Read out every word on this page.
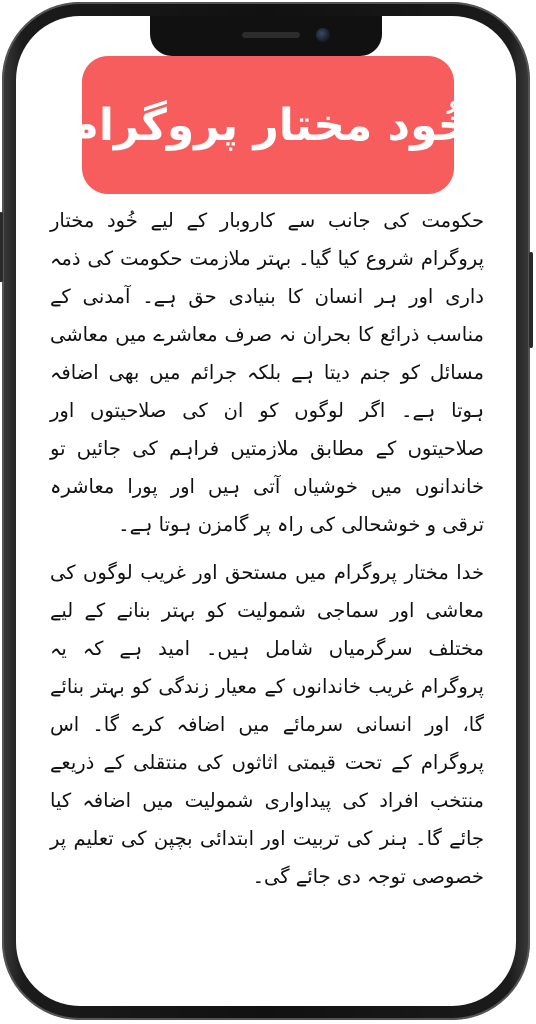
خُود مختار پروگرام

حکومت کی جانب سے کاروبار کے لیے خُود مختار پروگرام شروع کیا گیا۔ بہتر ملازمت حکومت کی ذمہ داری اور ہر انسان کا بنیادی حق ہے۔ آمدنی کے مناسب ذرائع کا بحران نہ صرف معاشرے میں معاشی مسائل کو جنم دیتا ہے بلکہ جرائم میں بھی اضافہ ہوتا ہے۔ اگر لوگوں کو ان کی صلاحیتوں اور صلاحیتوں کے مطابق ملازمتیں فراہم کی جائیں تو خاندانوں میں خوشیاں آتی ہیں اور پورا معاشرہ ترقی و خوشحالی کی راہ پر گامزن ہوتا ہے۔

خدا مختار پروگرام میں مستحق اور غریب لوگوں کی معاشی اور سماجی شمولیت کو بہتر بنانے کے لیے مختلف سرگرمیاں شامل ہیں۔ امید ہے کہ یہ پروگرام غریب خاندانوں کے معیار زندگی کو بہتر بنائے گا، اور انسانی سرمائے میں اضافہ کرے گا۔ اس پروگرام کے تحت قیمتی اثاثوں کی منتقلی کے ذریعے منتخب افراد کی پیداواری شمولیت میں اضافہ کیا جائے گا۔ ہنر کی تربیت اور ابتدائی بچپن کی تعلیم پر خصوصی توجہ دی جائے گی۔
